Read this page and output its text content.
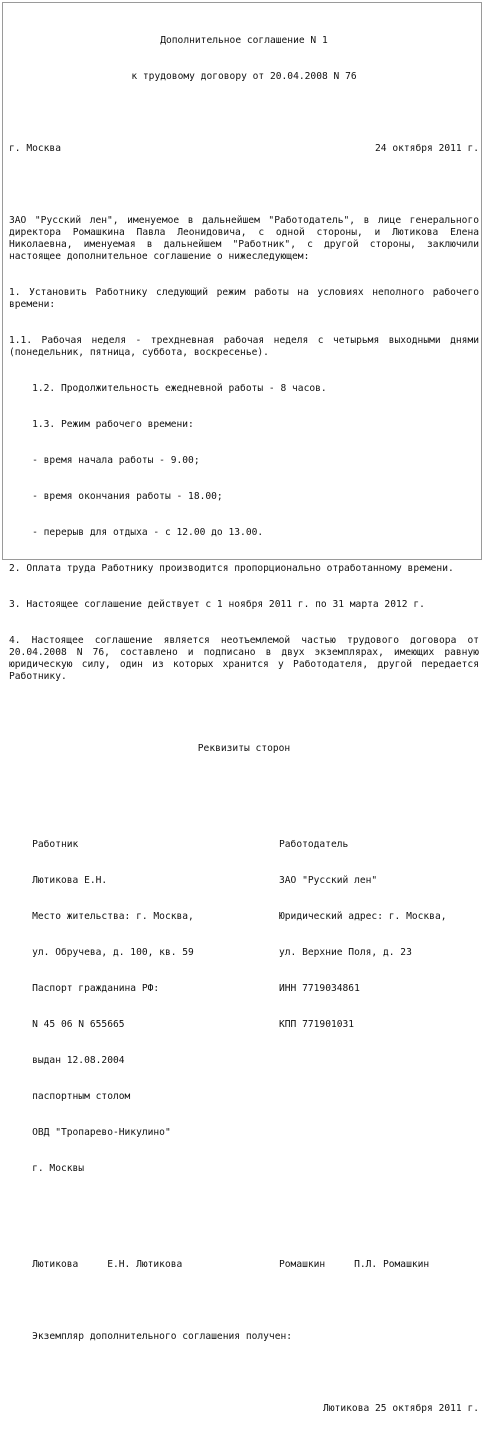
Дополнительное соглашение N 1

к трудовому договору от 20.04.2008 N 76

г. Москва	24 октября 2011 г.

ЗАО "Русский лен", именуемое в дальнейшем "Работодатель", в лице генерального директора Ромашкина Павла Леонидовича, с одной стороны, и Лютикова Елена Николаевна, именуемая в дальнейшем "Работник", с другой стороны, заключили настоящее дополнительное соглашение о нижеследующем:

1. Установить Работнику следующий режим работы на условиях неполного рабочего времени:

1.1. Рабочая неделя - трехдневная рабочая неделя с четырьмя выходными днями (понедельник, пятница, суббота, воскресенье).

1.2. Продолжительность ежедневной работы - 8 часов.

1.3. Режим рабочего времени:

- время начала работы - 9.00;

- время окончания работы - 18.00;

- перерыв для отдыха - с 12.00 до 13.00.

2. Оплата труда Работнику производится пропорционально отработанному времени.

3. Настоящее соглашение действует с 1 ноября 2011 г. по 31 марта 2012 г.

4. Настоящее соглашение является неотъемлемой частью трудового договора от 20.04.2008 N 76, составлено и подписано в двух экземплярах, имеющих равную юридическую силу, один из которых хранится у Работодателя, другой передается Работнику.

Реквизиты сторон

Работник

Лютикова Е.Н.

Место жительства: г. Москва,

ул. Обручева, д. 100, кв. 59

Паспорт гражданина РФ:

N 45 06 N 655665

выдан 12.08.2004

паспортным столом

ОВД "Тропарево-Никулино"

г. Москвы

Работодатель

ЗАО "Русский лен"

Юридический адрес: г. Москва,

ул. Верхние Поля, д. 23

ИНН 7719034861

КПП 771901031

Лютикова     Е.Н. Лютикова	Ромашкин     П.Л. Ромашкин

Экземпляр дополнительного соглашения получен:

Лютикова 25 октября 2011 г.
